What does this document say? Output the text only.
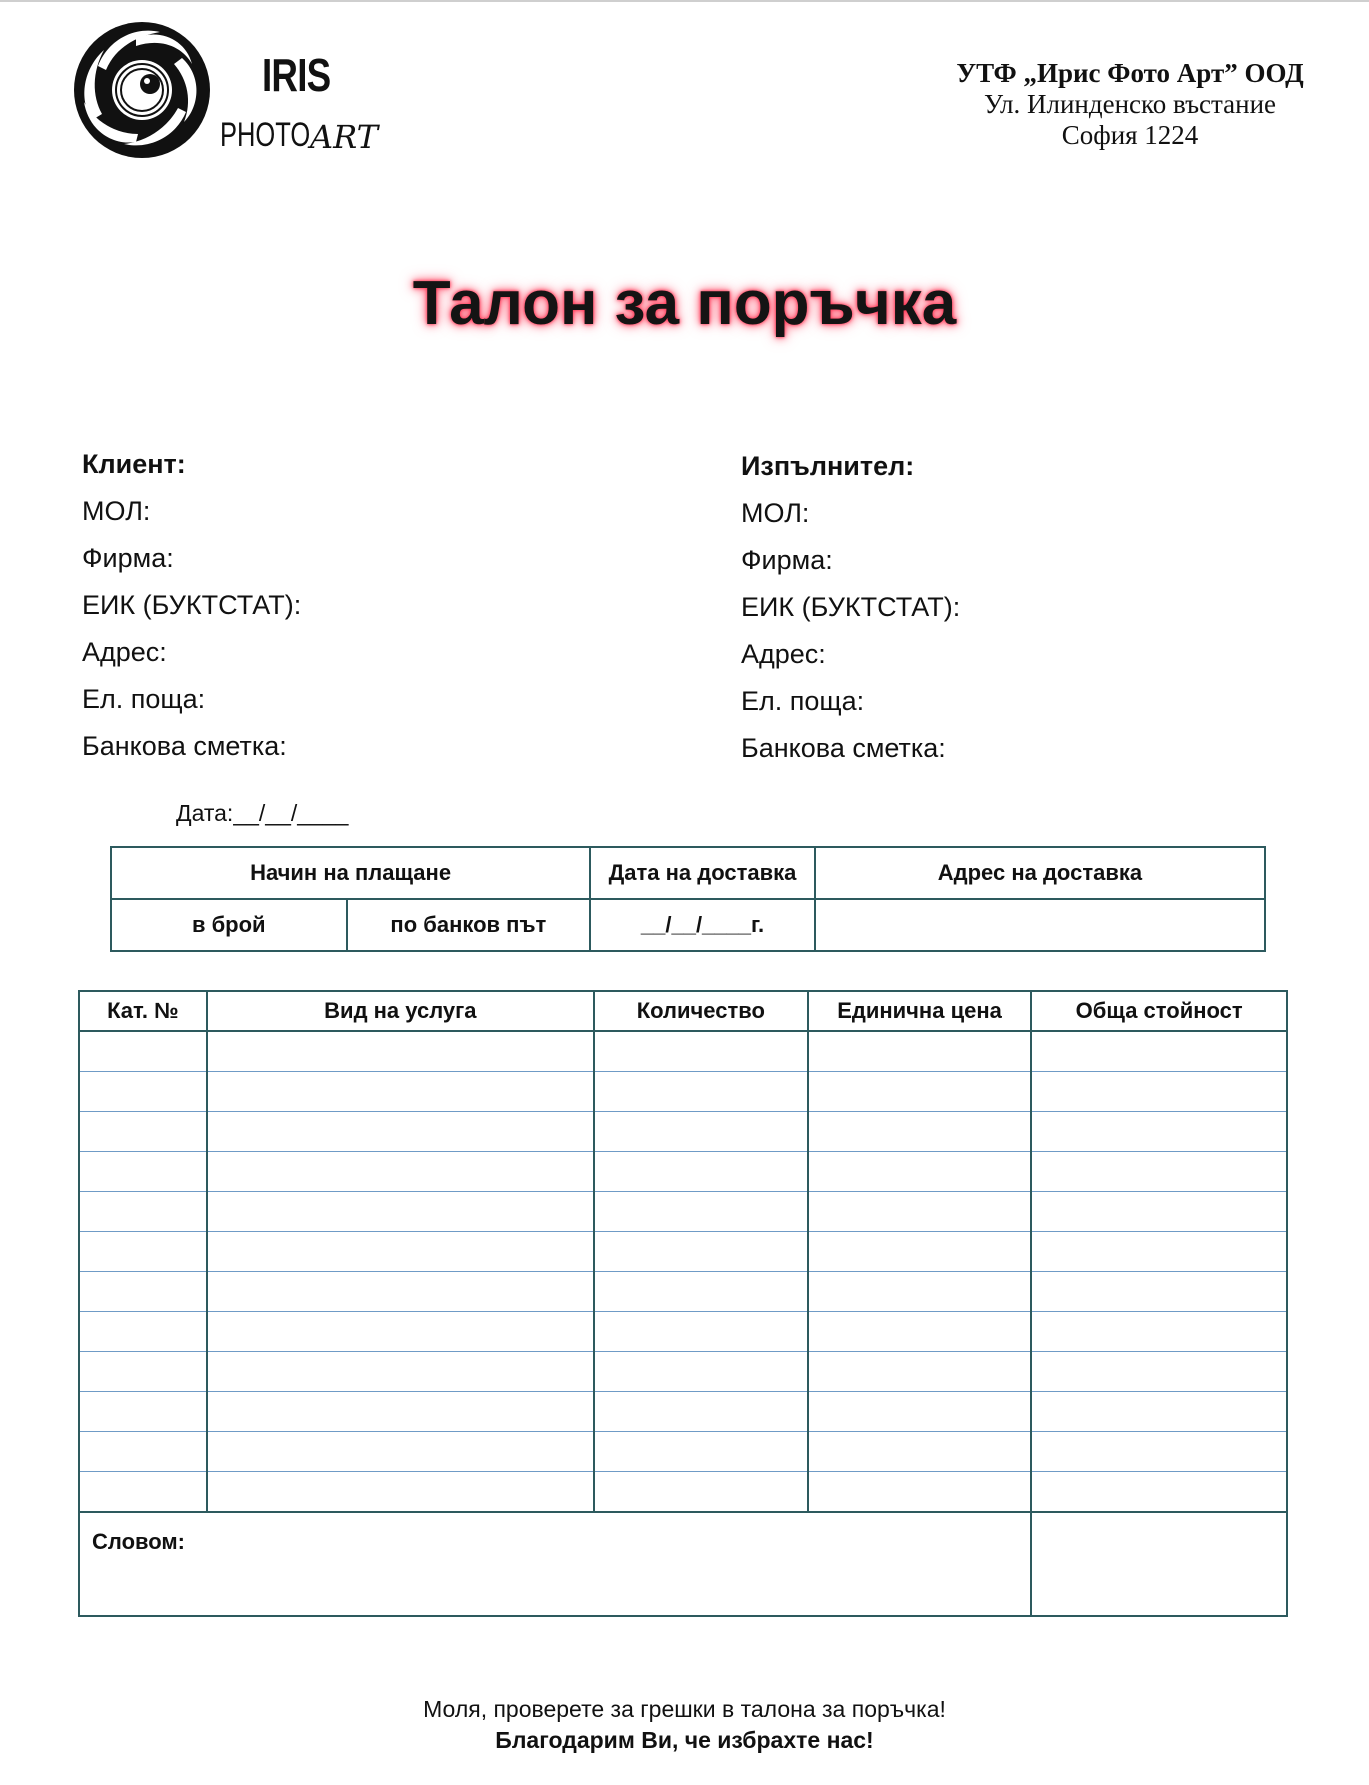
IRIS
PHOTO ART
УТФ „Ирис Фото Арт” ООД
Ул. Илинденско въстание
София 1224
Талон за поръчка
Клиент:
МОЛ:
Фирма:
ЕИК (БУКТСТАТ):
Адрес:
Ел. поща:
Банкова сметка:
Изпълнител:
МОЛ:
Фирма:
ЕИК (БУКТСТАТ):
Адрес:
Ел. поща:
Банкова сметка:
Дата:__/__/____
Начин на плащане		Дата на доставка	Адрес на доставка
в брой	по банков път	__/__/____г.	
Кат. №	Вид на услуга	Количество	Единична цена	Обща стойност

Словом:				
Моля, проверете за грешки в талона за поръчка!
Благодарим Ви, че избрахте нас!
